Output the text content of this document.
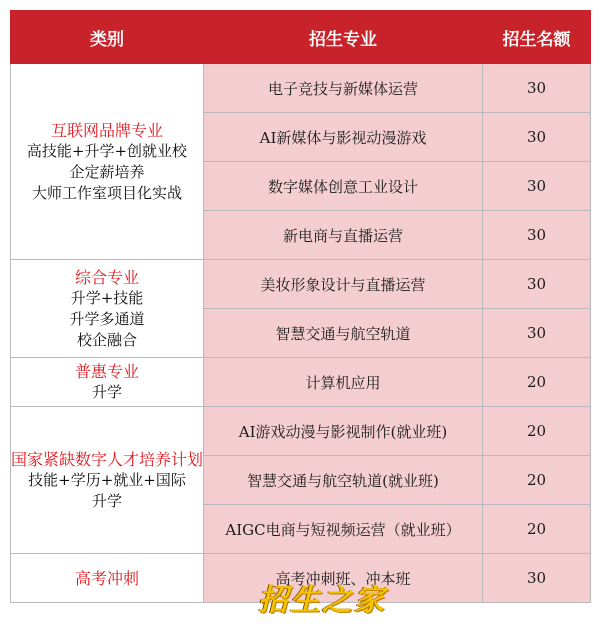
类别	招生专业	招生名额

互联网品牌专业
高技能+升学+创就业校
企定薪培养
大师工作室项目化实战	电子竞技与新媒体运营	30
	AI新媒体与影视动漫游戏	30
	数字媒体创意工业设计	30
	新电商与直播运营	30

综合专业
升学+技能
升学多通道
校企融合	美妆形象设计与直播运营	30
	智慧交通与航空轨道	30

普惠专业
升学	计算机应用	20

国家紧缺数字人才培养计划
技能+学历+就业+国际
升学	AI游戏动漫与影视制作(就业班)	20
	智慧交通与航空轨道(就业班)	20
	AIGC电商与短视频运营（就业班）	20

高考冲刺	高考冲刺班、冲本班	30
招生之家
